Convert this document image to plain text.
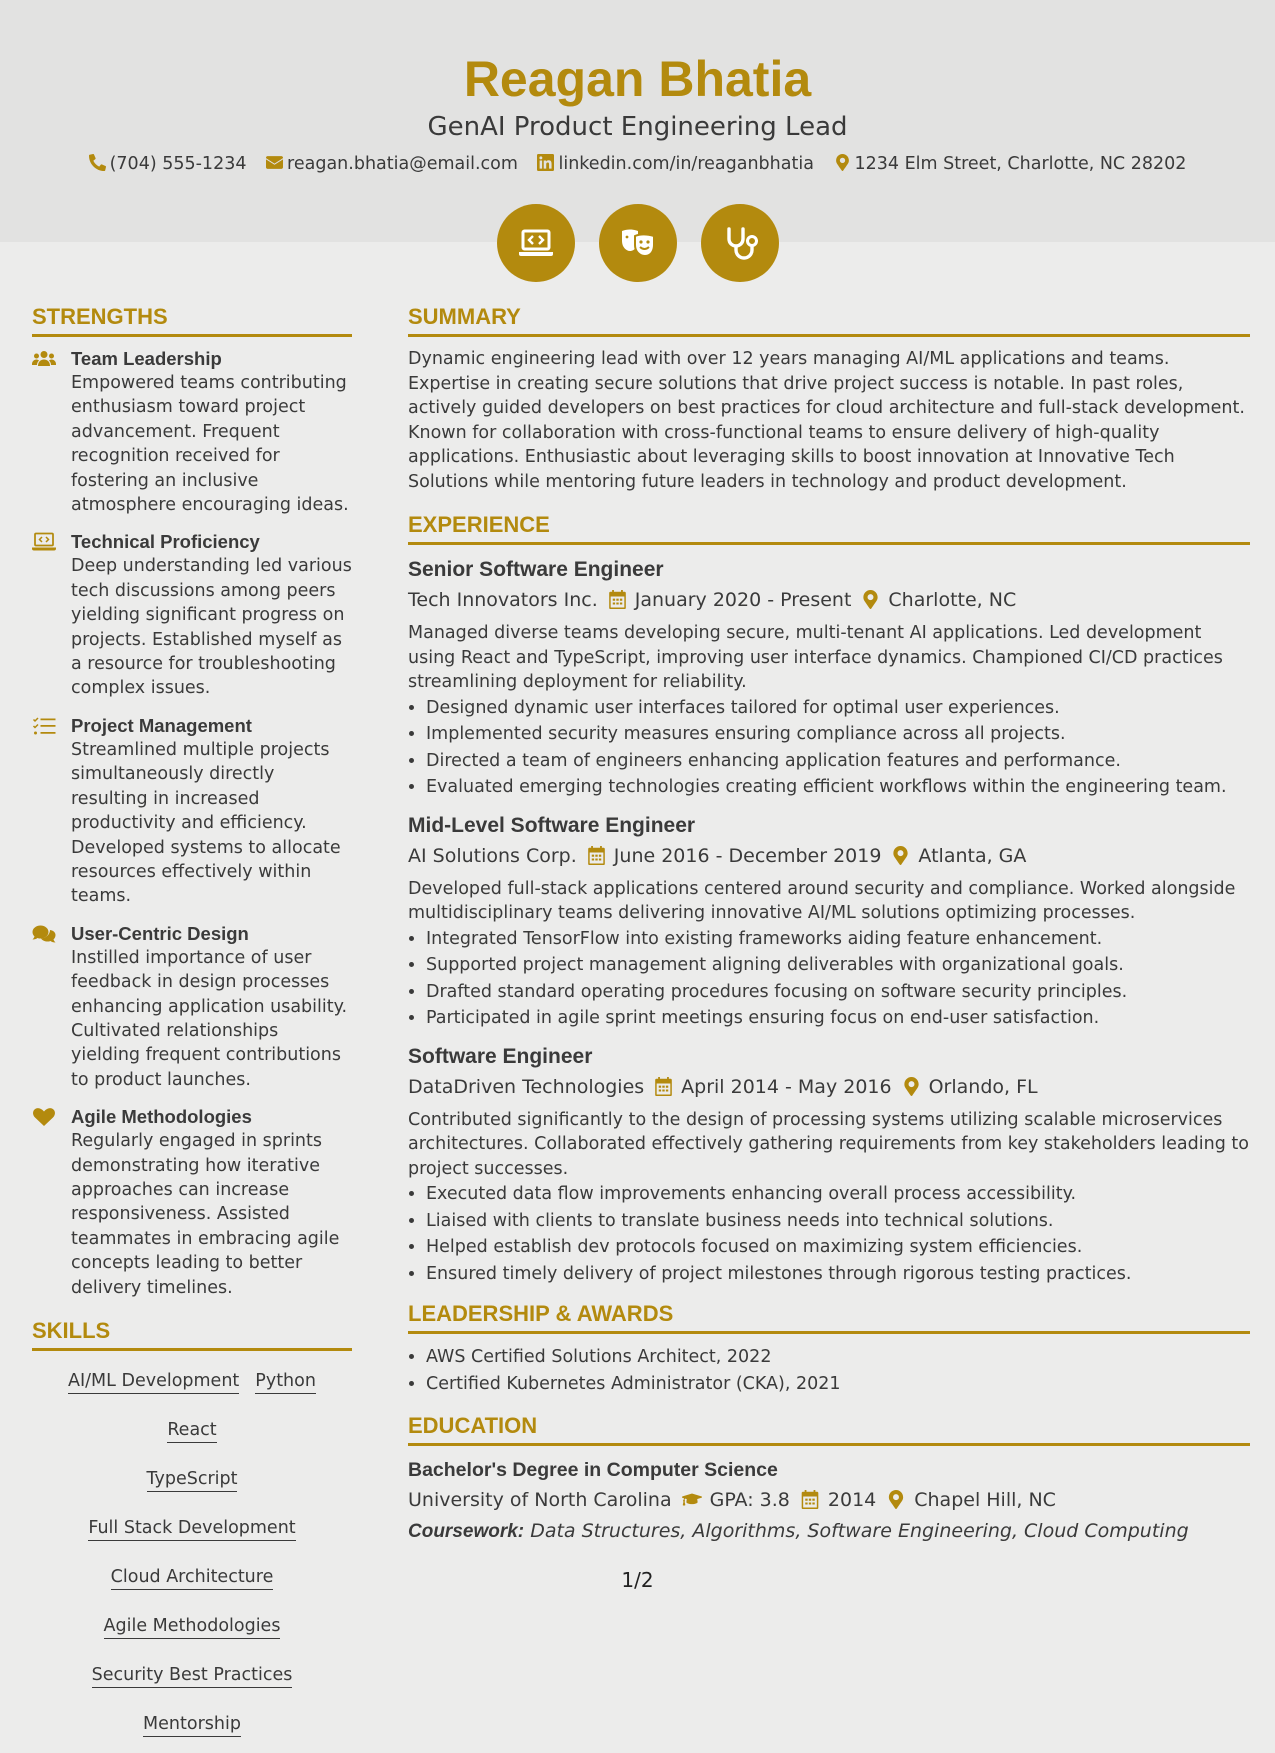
Reagan Bhatia
GenAI Product Engineering Lead
(704) 555-1234 reagan.bhatia@email.com linkedin.com/in/reaganbhatia 1234 Elm Street, Charlotte, NC 28202

STRENGTHS
Team Leadership
Empowered teams contributing enthusiasm toward project advancement. Frequent recognition received for fostering an inclusive atmosphere encouraging ideas.
Technical Proficiency
Deep understanding led various tech discussions among peers yielding significant progress on projects. Established myself as a resource for troubleshooting complex issues.
Project Management
Streamlined multiple projects simultaneously directly resulting in increased productivity and efficiency. Developed systems to allocate resources effectively within teams.
User-Centric Design
Instilled importance of user feedback in design processes enhancing application usability. Cultivated relationships yielding frequent contributions to product launches.
Agile Methodologies
Regularly engaged in sprints demonstrating how iterative approaches can increase responsiveness. Assisted teammates in embracing agile concepts leading to better delivery timelines.
SKILLS
AI/ML Development PythonReact
TypeScriptFull Stack Development
Cloud Architecture
Agile Methodologies
Security Best PracticesMentorship
SUMMARY
Dynamic engineering lead with over 12 years managing AI/ML applications and teams. Expertise in creating secure solutions that drive project success is notable. In past roles, actively guided developers on best practices for cloud architecture and full-stack development. Known for collaboration with cross-functional teams to ensure delivery of high-quality applications. Enthusiastic about leveraging skills to boost innovation at Innovative Tech Solutions while mentoring future leaders in technology and product development.
EXPERIENCE
Senior Software Engineer
Tech Innovators Inc. January 2020 - Present Charlotte, NC
Managed diverse teams developing secure, multi-tenant AI applications. Led development using React and TypeScript, improving user interface dynamics. Championed CI/CD practices streamlining deployment for reliability.
• Designed dynamic user interfaces tailored for optimal user experiences.
• Implemented security measures ensuring compliance across all projects.
• Directed a team of engineers enhancing application features and performance.
• Evaluated emerging technologies creating efficient workflows within the engineering team.
Mid-Level Software Engineer
AI Solutions Corp. June 2016 - December 2019 Atlanta, GA
Developed full-stack applications centered around security and compliance. Worked alongside multidisciplinary teams delivering innovative AI/ML solutions optimizing processes.
• Integrated TensorFlow into existing frameworks aiding feature enhancement.
• Supported project management aligning deliverables with organizational goals.
• Drafted standard operating procedures focusing on software security principles.
• Participated in agile sprint meetings ensuring focus on end-user satisfaction.
Software Engineer
DataDriven Technologies April 2014 - May 2016 Orlando, FL
Contributed significantly to the design of processing systems utilizing scalable microservices architectures. Collaborated effectively gathering requirements from key stakeholders leading to project successes.
• Executed data flow improvements enhancing overall process accessibility.
• Liaised with clients to translate business needs into technical solutions.
• Helped establish dev protocols focused on maximizing system efficiencies.
• Ensured timely delivery of project milestones through rigorous testing practices.
LEADERSHIP & AWARDS
• AWS Certified Solutions Architect, 2022
• Certified Kubernetes Administrator (CKA), 2021
EDUCATION
Bachelor's Degree in Computer Science
University of North Carolina GPA: 3.8 2014 Chapel Hill, NC
Coursework: Data Structures, Algorithms, Software Engineering, Cloud Computing
1/2
